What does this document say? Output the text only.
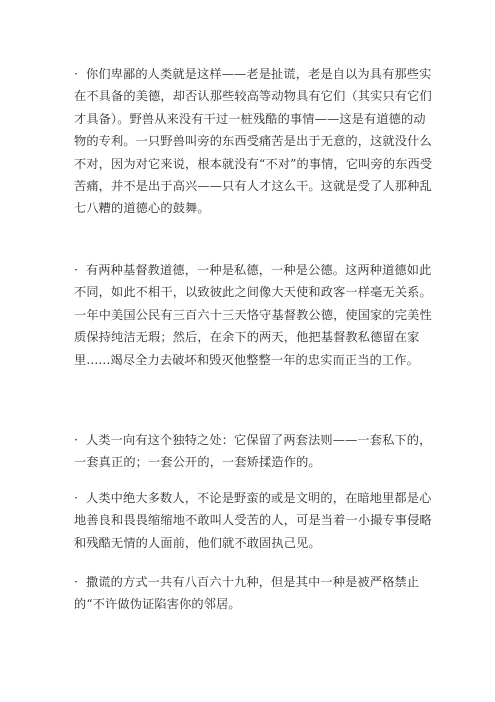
· 你们卑鄙的人类就是这样——老是扯谎，老是自以为具有那些实在不具备的美德，却否认那些较高等动物具有它们（其实只有它们才具备）。野兽从来没有干过一桩残酷的事情——这是有道德的动物的专利。一只野兽叫旁的东西受痛苦是出于无意的，这就没什么不对，因为对它来说，根本就没有“不对”的事情，它叫旁的东西受苦痛，并不是出于高兴——只有人才这么干。这就是受了人那种乱七八糟的道德心的鼓舞。

· 有两种基督教道德，一种是私德，一种是公德。这两种道德如此不同，如此不相干，以致彼此之间像大天使和政客一样毫无关系。一年中美国公民有三百六十三天恪守基督教公德，使国家的完美性质保持纯洁无瑕；然后，在余下的两天，他把基督教私德留在家里......竭尽全力去破坏和毁灭他整整一年的忠实而正当的工作。

· 人类一向有这个独特之处：它保留了两套法则——一套私下的，一套真正的；一套公开的，一套矫揉造作的。

· 人类中绝大多数人，不论是野蛮的或是文明的，在暗地里都是心地善良和畏畏缩缩地不敢叫人受苦的人，可是当着一小撮专事侵略和残酷无情的人面前，他们就不敢固执己见。

· 撒谎的方式一共有八百六十九种，但是其中一种是被严格禁止的“不许做伪证陷害你的邻居。
